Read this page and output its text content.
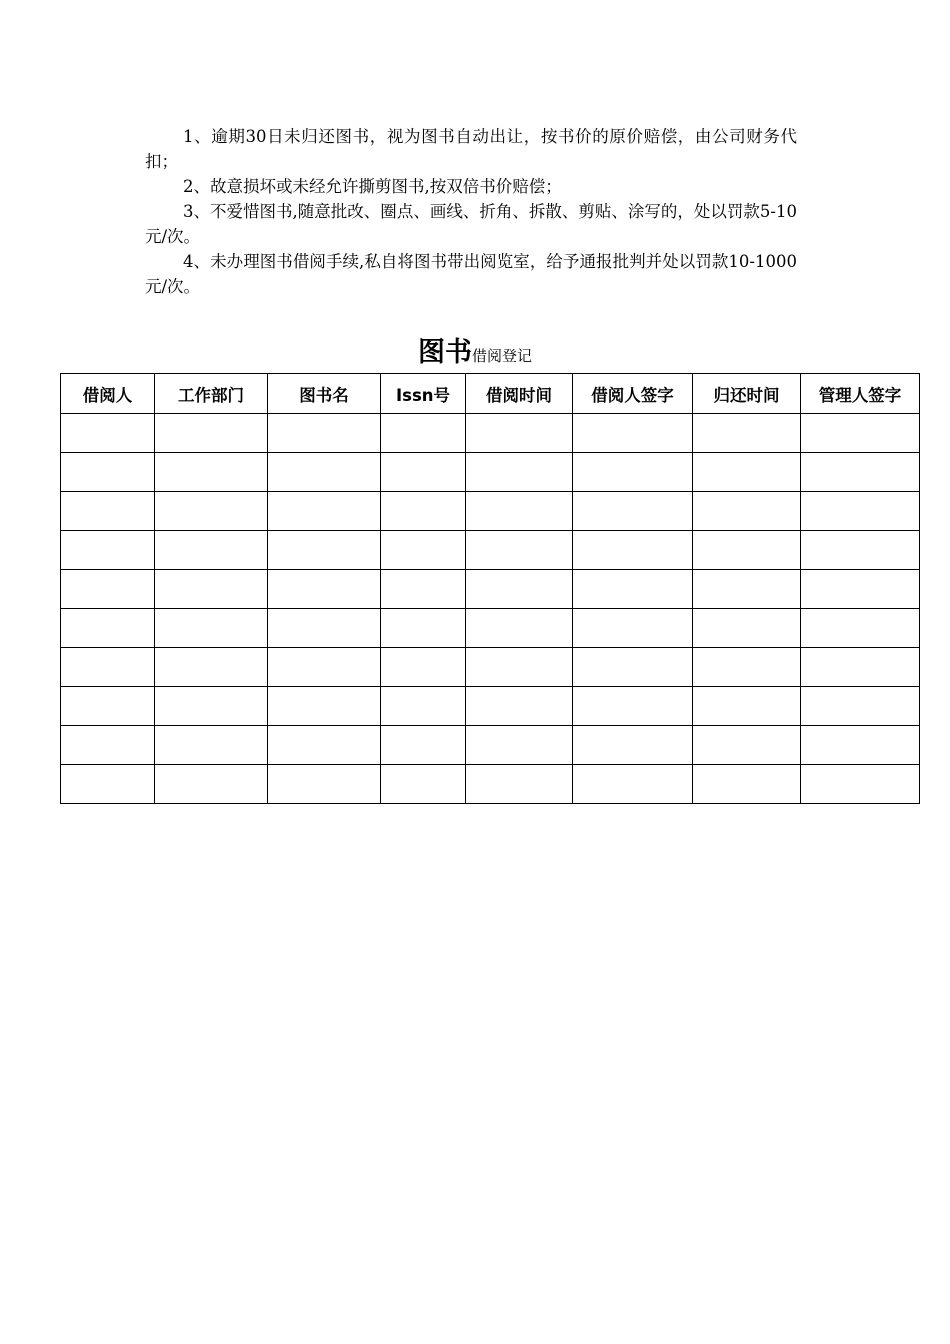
1、逾期30日未归还图书，视为图书自动出让，按书价的原价赔偿，由公司财务代扣；

2、故意损坏或未经允许撕剪图书,按双倍书价赔偿；

3、不爱惜图书,随意批改、圈点、画线、折角、拆散、剪贴、涂写的，处以罚款5-10元/次。

4、未办理图书借阅手续,私自将图书带出阅览室，给予通报批判并处以罚款10-1000元/次。

图书借阅登记
借阅人	工作部门	图书名	Issn号	借阅时间	借阅人签字	归还时间	管理人签字
